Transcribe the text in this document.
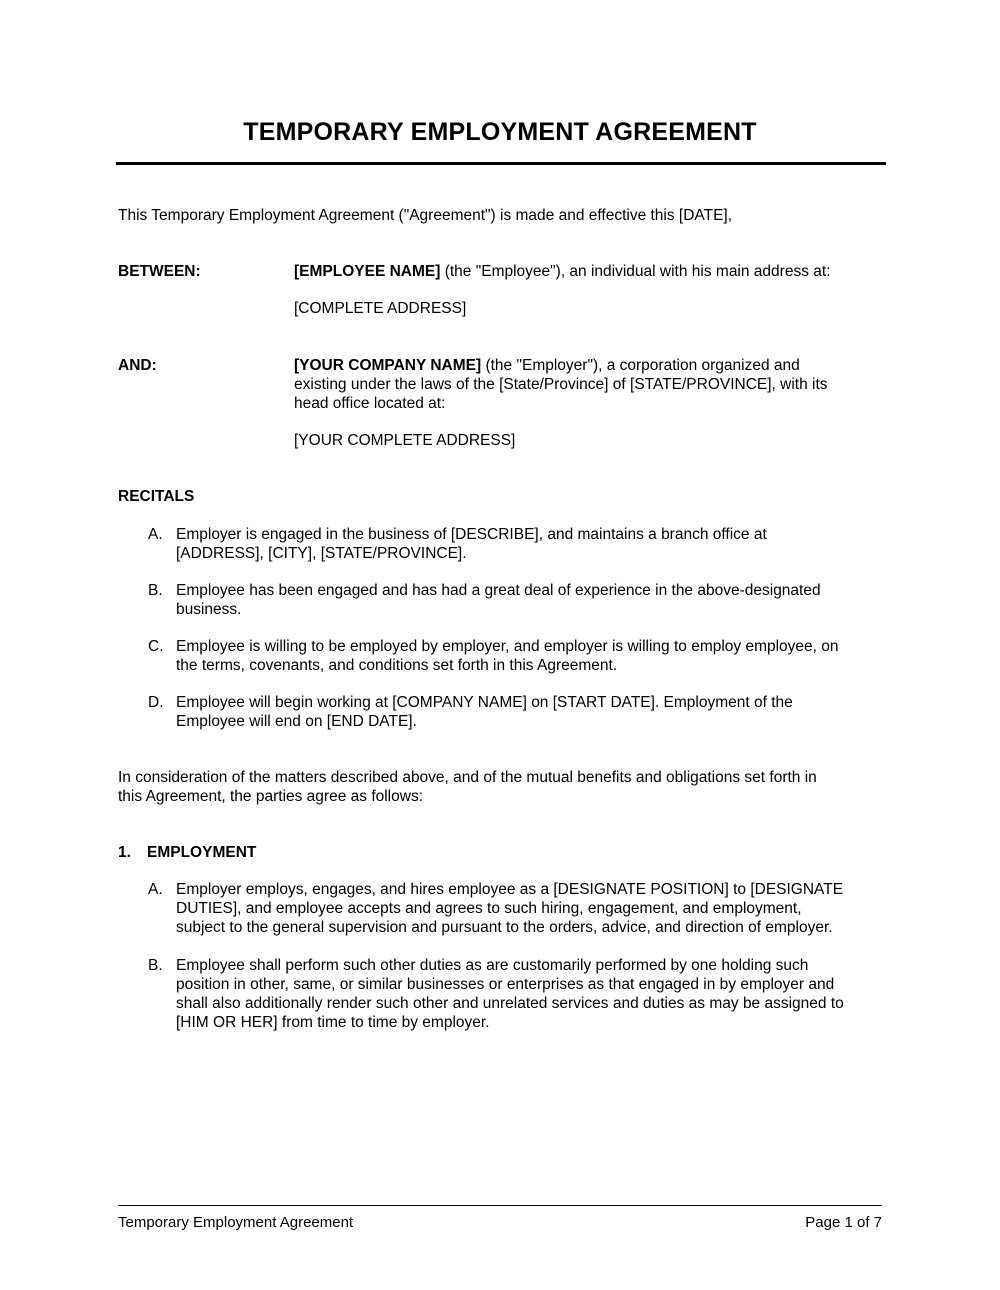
TEMPORARY EMPLOYMENT AGREEMENT
This Temporary Employment Agreement ("Agreement") is made and effective this [DATE],
BETWEEN:	[EMPLOYEE NAME] (the "Employee"), an individual with his main address at:
[COMPLETE ADDRESS]
AND:	[YOUR COMPANY NAME] (the "Employer"), a corporation organized and
existing under the laws of the [State/Province] of [STATE/PROVINCE], with its
head office located at:
[YOUR COMPLETE ADDRESS]
RECITALS
A. Employer is engaged in the business of [DESCRIBE], and maintains a branch office at
[ADDRESS], [CITY], [STATE/PROVINCE].
B. Employee has been engaged and has had a great deal of experience in the above-designated
business.
C. Employee is willing to be employed by employer, and employer is willing to employ employee, on
the terms, covenants, and conditions set forth in this Agreement.
D. Employee will begin working at [COMPANY NAME] on [START DATE]. Employment of the
Employee will end on [END DATE].
In consideration of the matters described above, and of the mutual benefits and obligations set forth in
this Agreement, the parties agree as follows:
1. EMPLOYMENT
A. Employer employs, engages, and hires employee as a [DESIGNATE POSITION] to [DESIGNATE
DUTIES], and employee accepts and agrees to such hiring, engagement, and employment,
subject to the general supervision and pursuant to the orders, advice, and direction of employer.
B. Employee shall perform such other duties as are customarily performed by one holding such
position in other, same, or similar businesses or enterprises as that engaged in by employer and
shall also additionally render such other and unrelated services and duties as may be assigned to
[HIM OR HER] from time to time by employer.
Temporary Employment Agreement	Page 1 of 7
